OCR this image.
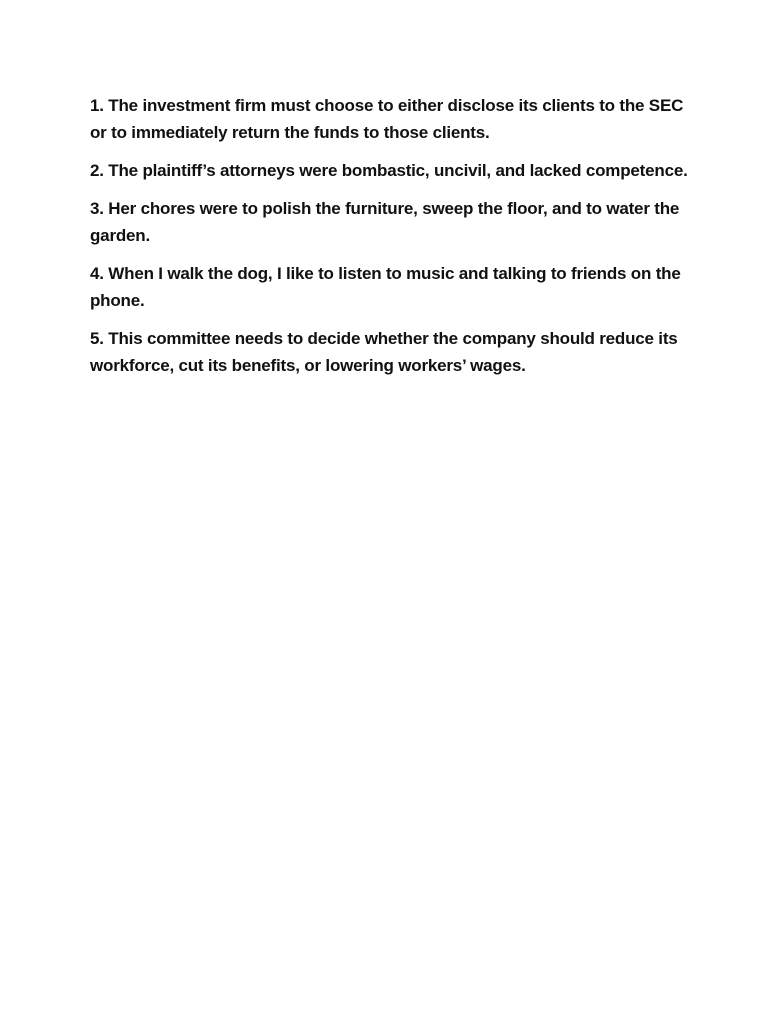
1. The investment firm must choose to either disclose its clients to the SEC or to immediately return the funds to those clients.

2. The plaintiff’s attorneys were bombastic, uncivil, and lacked competence.

3. Her chores were to polish the furniture, sweep the floor, and to water the garden.

4. When I walk the dog, I like to listen to music and talking to friends on the phone.

5. This committee needs to decide whether the company should reduce its workforce, cut its benefits, or lowering workers’ wages.
